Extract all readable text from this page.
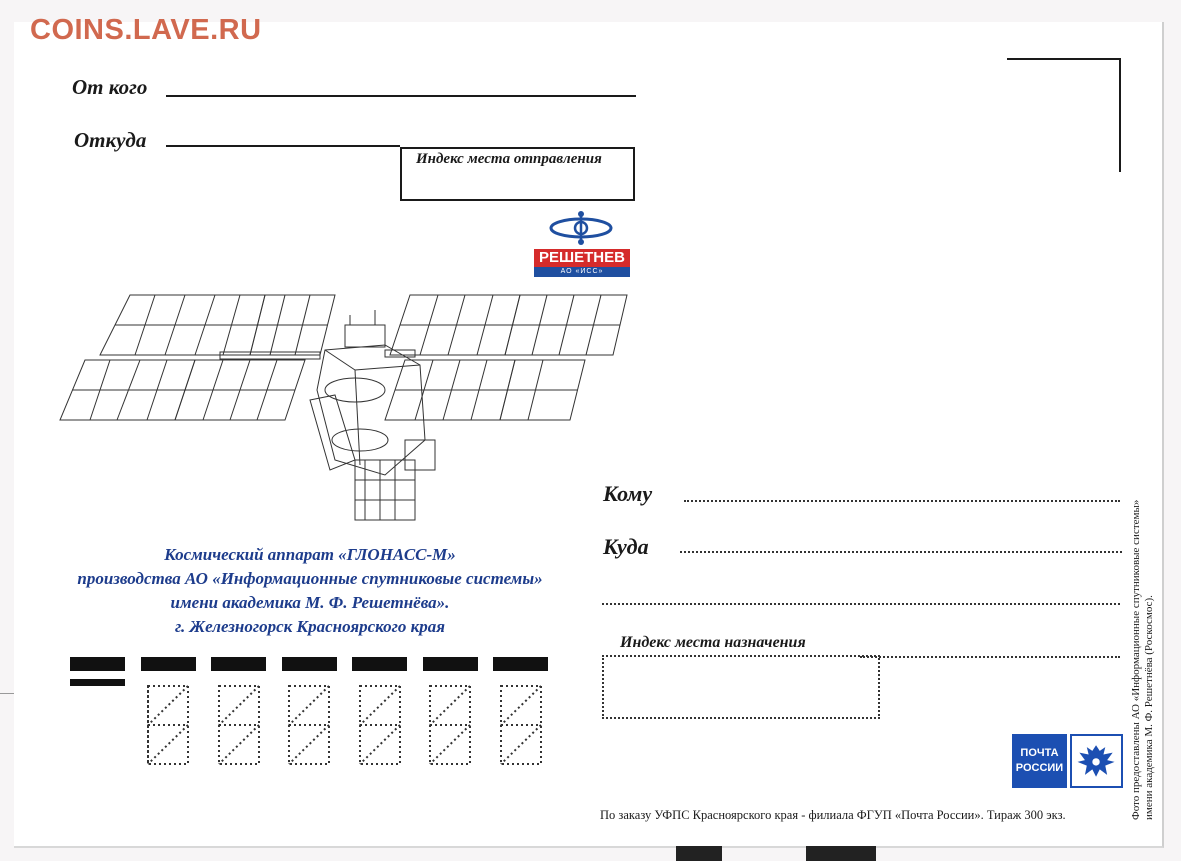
COINS.LAVE.RU
От кого
Откуда
Индекс места отправления
РЕШЕТНЕВ
АО «ИСС»
Космический аппарат «ГЛОНАСС-М»
производства АО «Информационные спутниковые системы»
имени академика М. Ф. Решетнёва».
г. Железногорск Красноярского края
Кому
Куда
Индекс места назначения
ПОЧТА
РОССИИ
По заказу УФПС Красноярского края - филиала ФГУП «Почта России». Тираж 300 экз.	Фото предоставлены АО «Информационные спутниковые системы» имени академика М. Ф. Решетнёва (Роскосмос).
